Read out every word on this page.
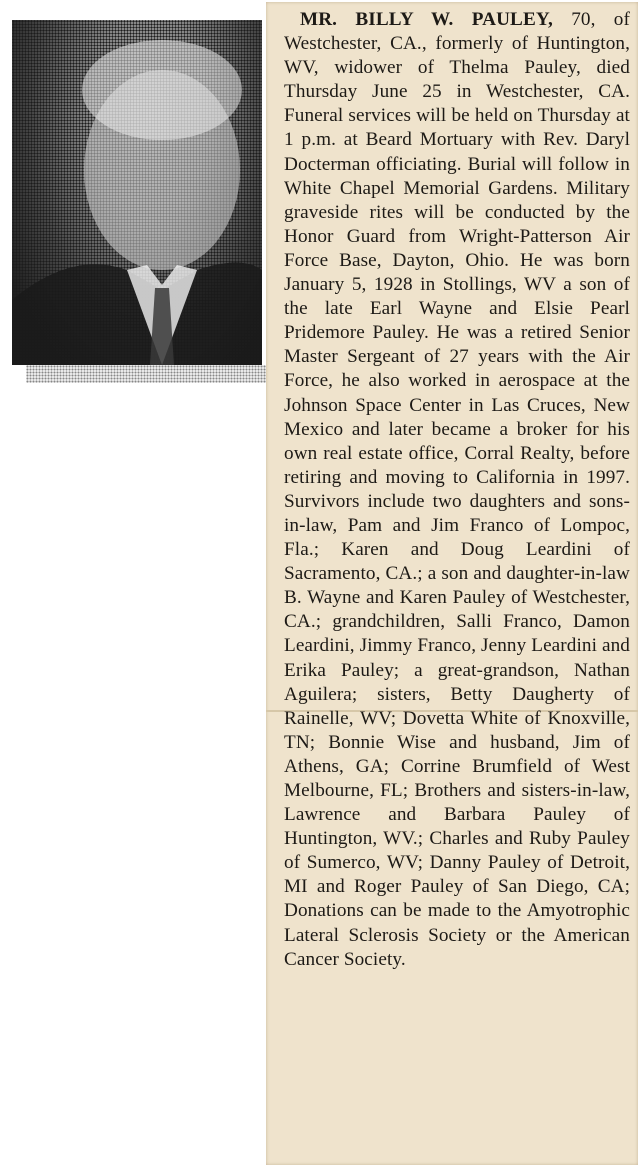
MR. BILLY W. PAULEY, 70, of Westchester, CA., formerly of Huntington, WV, widower of Thelma Pauley, died Thursday June 25 in Westchester, CA. Funeral services will be held on Thursday at 1 p.m. at Beard Mortuary with Rev. Daryl Docterman officiating. Burial will follow in White Chapel Memorial Gardens. Military graveside rites will be conducted by the Honor Guard from Wright-Patterson Air Force Base, Dayton, Ohio. He was born January 5, 1928 in Stollings, WV a son of the late Earl Wayne and Elsie Pearl Pridemore Pauley. He was a retired Senior Master Sergeant of 27 years with the Air Force, he also worked in aerospace at the Johnson Space Center in Las Cruces, New Mexico and later became a broker for his own real estate office, Corral Realty, before retiring and moving to California in 1997. Survivors include two daughters and sons-in-law, Pam and Jim Franco of Lompoc, Fla.; Karen and Doug Leardini of Sacramento, CA.; a son and daughter-in-law B. Wayne and Karen Pauley of Westchester, CA.; grandchildren, Salli Franco, Damon Leardini, Jimmy Franco, Jenny Leardini and Erika Pauley; a great-grandson, Nathan Aguilera; sisters, Betty Daugherty of Rainelle, WV; Dovetta White of Knoxville, TN; Bonnie Wise and husband, Jim of Athens, GA; Corrine Brumfield of West Melbourne, FL; Brothers and sisters-in-law, Lawrence and Barbara Pauley of Huntington, WV.; Charles and Ruby Pauley of Sumerco, WV; Danny Pauley of Detroit, MI and Roger Pauley of San Diego, CA; Donations can be made to the Amyotrophic Lateral Sclerosis Society or the American Cancer Society.
